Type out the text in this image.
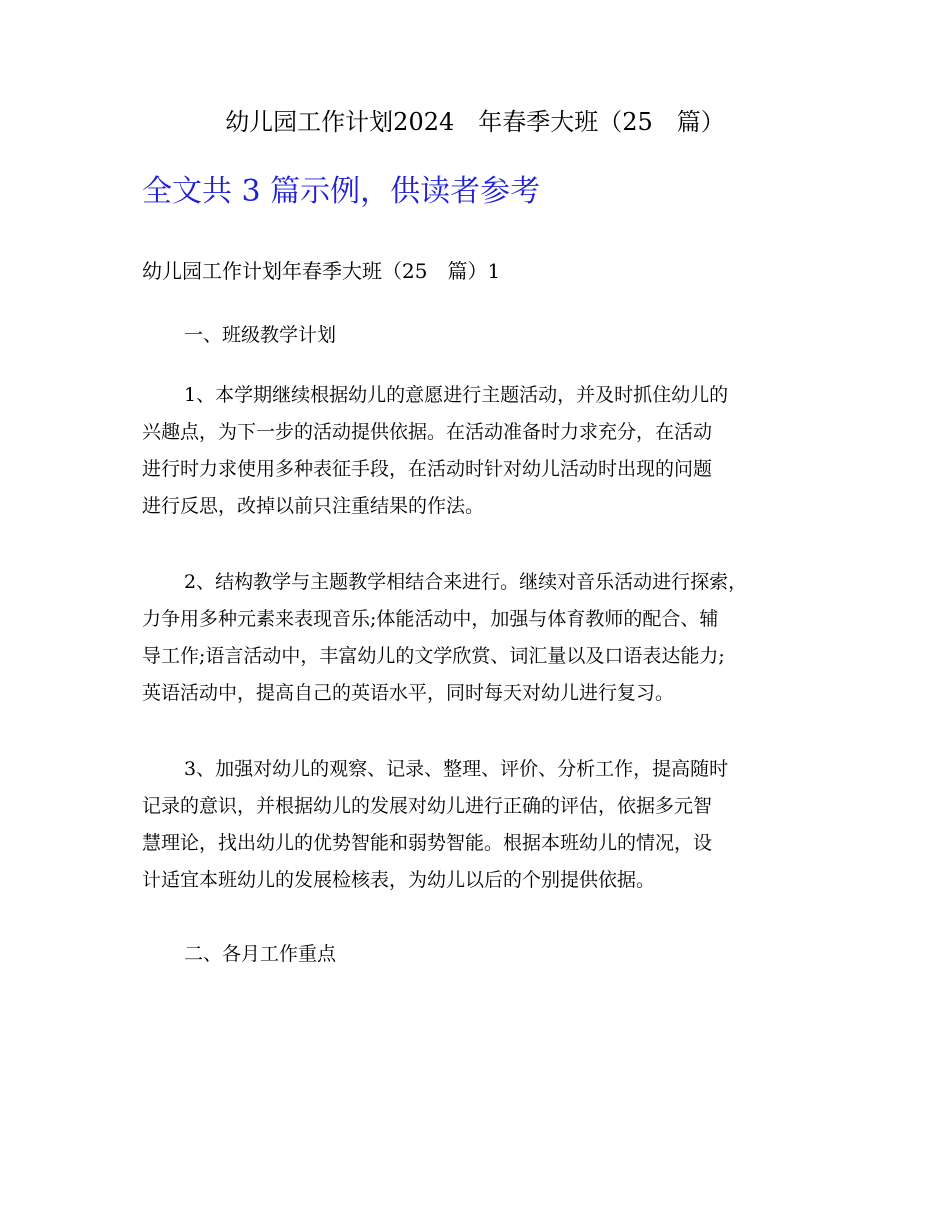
幼儿园工作计划2024　年春季大班（25　篇）

全文共 3 篇示例，供读者参考

幼儿园工作计划年春季大班（25　篇）1

一、班级教学计划

1、本学期继续根据幼儿的意愿进行主题活动，并及时抓住幼儿的
兴趣点，为下一步的活动提供依据。在活动准备时力求充分，在活动
进行时力求使用多种表征手段，在活动时针对幼儿活动时出现的问题
进行反思，改掉以前只注重结果的作法。
2、结构教学与主题教学相结合来进行。继续对音乐活动进行探索，
力争用多种元素来表现音乐;体能活动中，加强与体育教师的配合、辅
导工作;语言活动中，丰富幼儿的文学欣赏、词汇量以及口语表达能力;
英语活动中，提高自己的英语水平，同时每天对幼儿进行复习。
3、加强对幼儿的观察、记录、整理、评价、分析工作，提高随时
记录的意识，并根据幼儿的发展对幼儿进行正确的评估，依据多元智
慧理论，找出幼儿的优势智能和弱势智能。根据本班幼儿的情况，设
计适宜本班幼儿的发展检核表，为幼儿以后的个别提供依据。

二、各月工作重点
